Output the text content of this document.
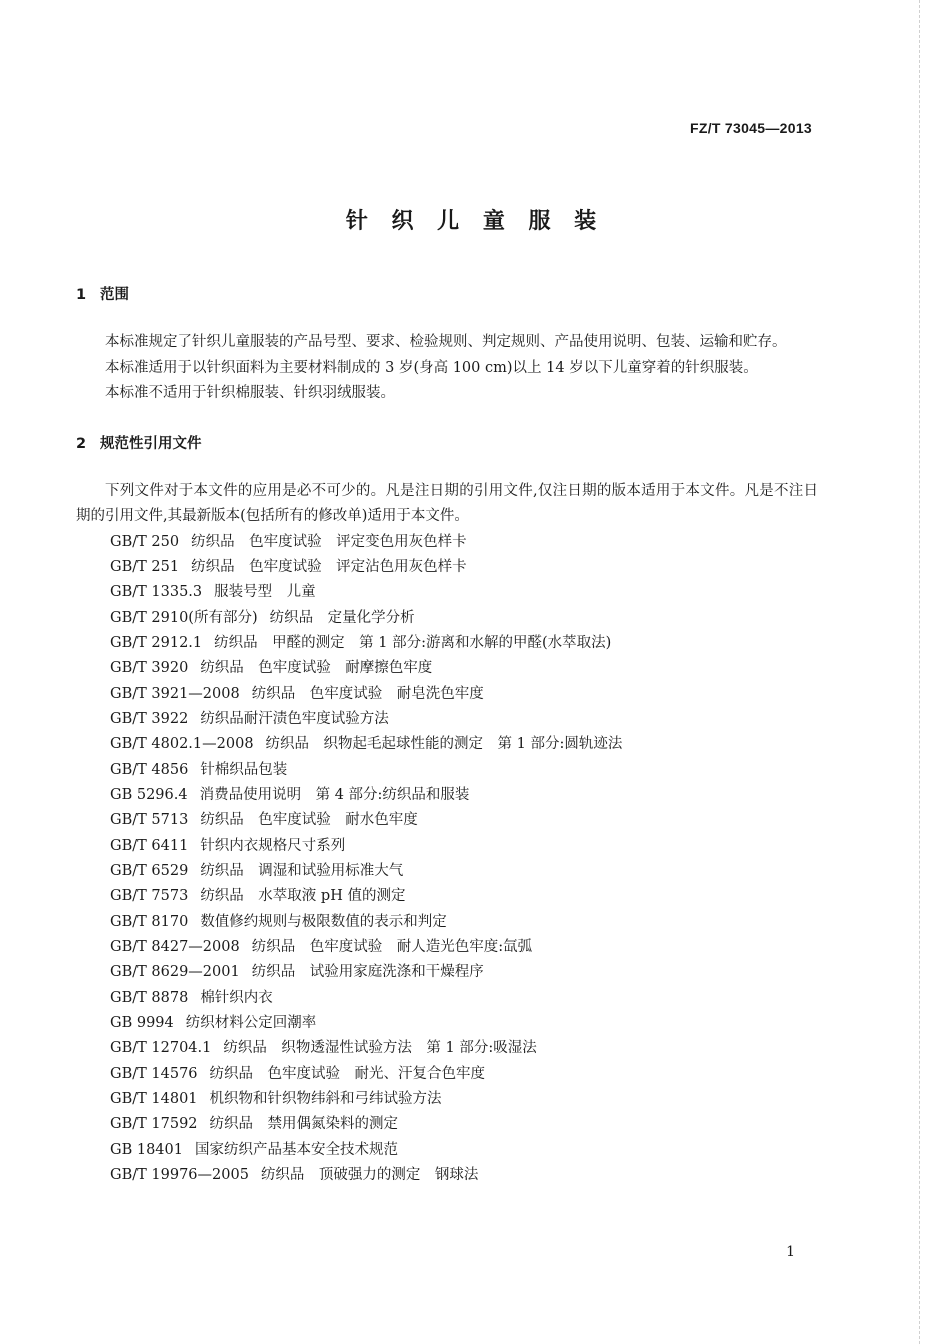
FZ/T 73045—2013
针 织 儿 童 服 装
1 范围

本标准规定了针织儿童服装的产品号型、要求、检验规则、判定规则、产品使用说明、包装、运输和贮存。

本标准适用于以针织面料为主要材料制成的 3 岁(身高 100 cm)以上 14 岁以下儿童穿着的针织服装。

本标准不适用于针织棉服装、针织羽绒服装。

2 规范性引用文件

下列文件对于本文件的应用是必不可少的。凡是注日期的引用文件,仅注日期的版本适用于本文件。凡是不注日期的引用文件,其最新版本(包括所有的修改单)适用于本文件。

GB/T 250 纺织品　色牢度试验　评定变色用灰色样卡
GB/T 251 纺织品　色牢度试验　评定沾色用灰色样卡
GB/T 1335.3 服装号型　儿童
GB/T 2910(所有部分) 纺织品　定量化学分析
GB/T 2912.1 纺织品　甲醛的测定　第 1 部分:游离和水解的甲醛(水萃取法)
GB/T 3920 纺织品　色牢度试验　耐摩擦色牢度
GB/T 3921—2008 纺织品　色牢度试验　耐皂洗色牢度
GB/T 3922 纺织品耐汗渍色牢度试验方法
GB/T 4802.1—2008 纺织品　织物起毛起球性能的测定　第 1 部分:圆轨迹法
GB/T 4856 针棉织品包装
GB 5296.4 消费品使用说明　第 4 部分:纺织品和服装
GB/T 5713 纺织品　色牢度试验　耐水色牢度
GB/T 6411 针织内衣规格尺寸系列
GB/T 6529 纺织品　调湿和试验用标准大气
GB/T 7573 纺织品　水萃取液 pH 值的测定
GB/T 8170 数值修约规则与极限数值的表示和判定
GB/T 8427—2008 纺织品　色牢度试验　耐人造光色牢度:氙弧
GB/T 8629—2001 纺织品　试验用家庭洗涤和干燥程序
GB/T 8878 棉针织内衣
GB 9994 纺织材料公定回潮率
GB/T 12704.1 纺织品　织物透湿性试验方法　第 1 部分:吸湿法
GB/T 14576 纺织品　色牢度试验　耐光、汗复合色牢度
GB/T 14801 机织物和针织物纬斜和弓纬试验方法
GB/T 17592 纺织品　禁用偶氮染料的测定
GB 18401 国家纺织产品基本安全技术规范
GB/T 19976—2005 纺织品　顶破强力的测定　钢球法
1
